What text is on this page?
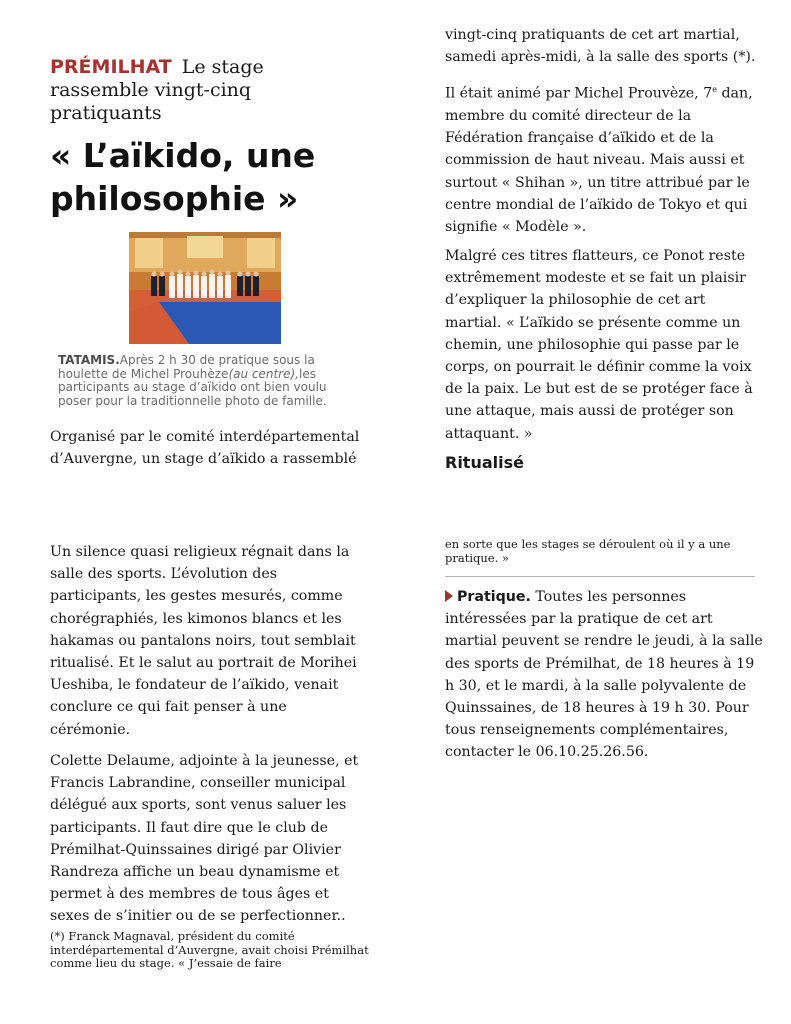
PRÉMILHAT Le stage rassemble vingt-cinq pratiquants
« L’aïkido, une philosophie »
TATAMIS.Après 2 h 30 de pratique sous la houlette de Michel Prouhèze(au centre),les participants au stage d’aïkido ont bien voulu poser pour la traditionnelle photo de famille.

Organisé par le comité interdépartemental d’Auvergne, un stage d’aïkido a rassemblé

Un silence quasi religieux régnait dans la salle des sports. L’évolution des participants, les gestes mesurés, comme chorégraphiés, les kimonos blancs et les hakamas ou pantalons noirs, tout semblait ritualisé. Et le salut au portrait de Morihei Ueshiba, le fondateur de l’aïkido, venait conclure ce qui fait penser à une cérémonie.

Colette Delaume, adjointe à la jeunesse, et Francis Labrandine, conseiller municipal délégué aux sports, sont venus saluer les participants. Il faut dire que le club de Prémilhat-Quinssaines dirigé par Olivier Randreza affiche un beau dynamisme et permet à des membres de tous âges et sexes de s’initier ou de se perfectionner..

(*) Franck Magnaval, président du comité interdépartemental d’Auvergne, avait choisi Prémilhat comme lieu du stage. « J’essaie de faire

vingt-cinq pratiquants de cet art martial, samedi après-midi, à la salle des sports (*).

Il était animé par Michel Prouvèze, 7e dan, membre du comité directeur de la Fédération française d’aïkido et de la commission de haut niveau. Mais aussi et surtout « Shihan », un titre attribué par le centre mondial de l’aïkido de Tokyo et qui signifie « Modèle ».

Malgré ces titres flatteurs, ce Ponot reste extrêmement modeste et se fait un plaisir d’expliquer la philosophie de cet art martial. « L’aïkido se présente comme un chemin, une philosophie qui passe par le corps, on pourrait le définir comme la voix de la paix. Le but est de se protéger face à une attaque, mais aussi de protéger son attaquant. »

Ritualisé

en sorte que les stages se déroulent où il y a une pratique. »

Pratique. Toutes les personnes intéressées par la pratique de cet art martial peuvent se rendre le jeudi, à la salle des sports de Prémilhat, de 18 heures à 19 h 30, et le mardi, à la salle polyvalente de Quinssaines, de 18 heures à 19 h 30. Pour tous renseignements complémentaires, contacter le 06.10.25.26.56.
